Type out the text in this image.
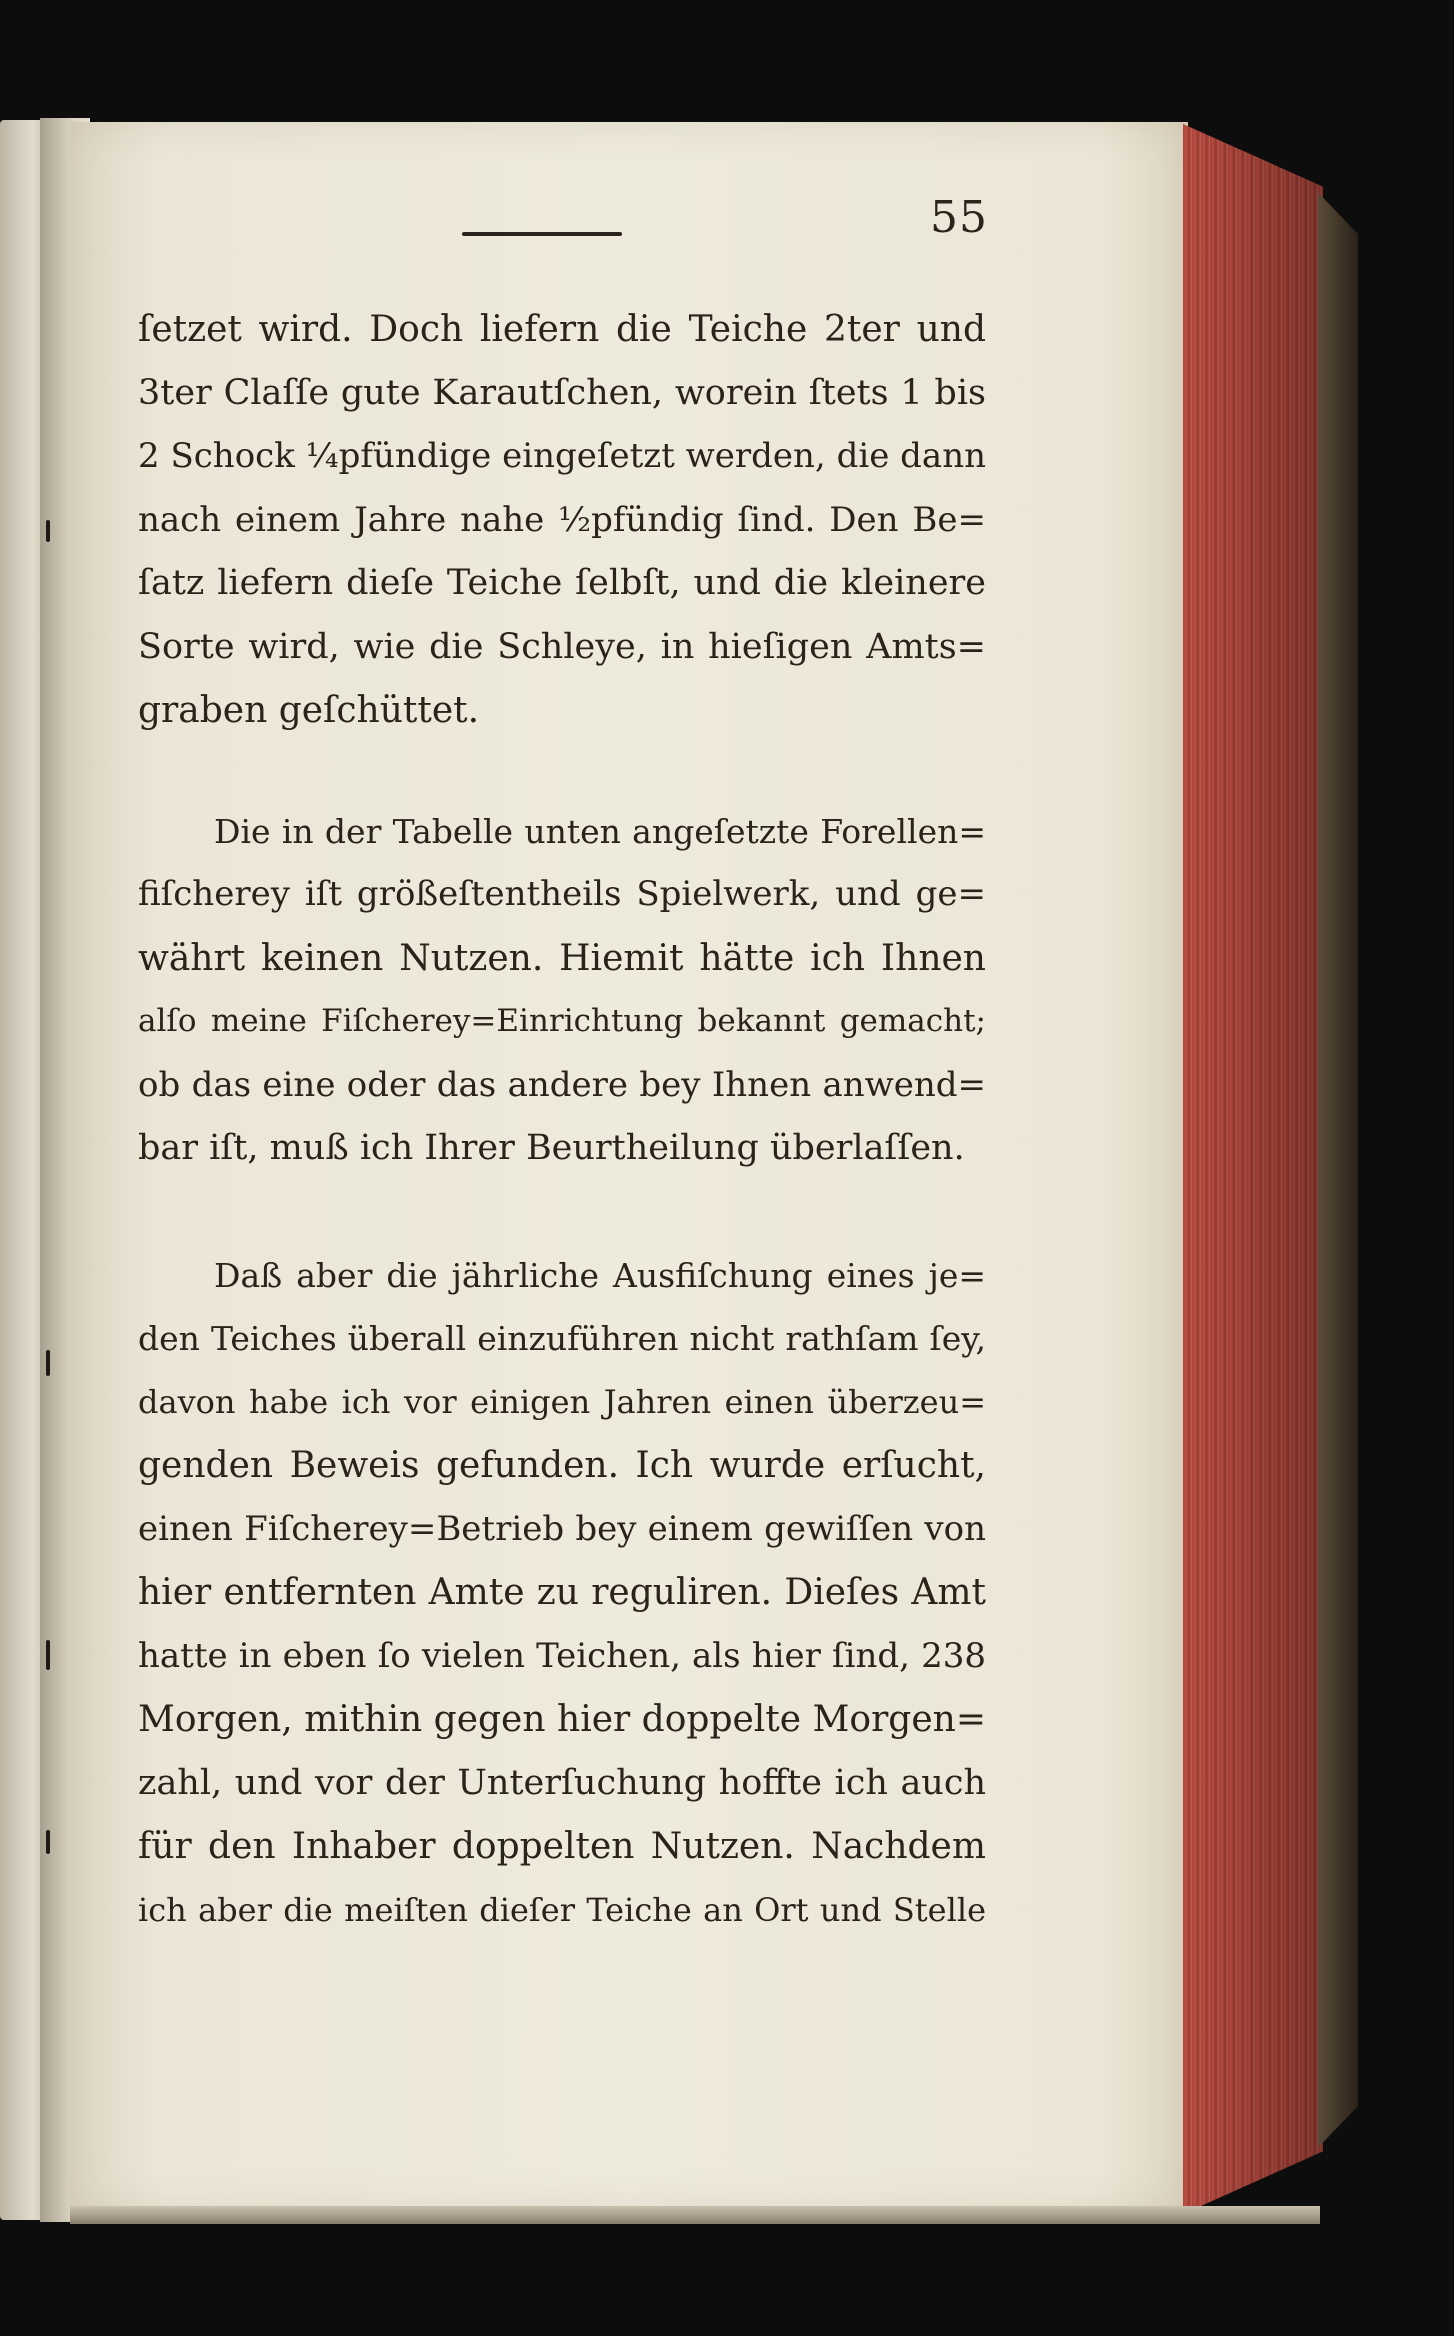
55
ſetzet wird. Doch liefern die Teiche 2ter und
3ter Claſſe gute Karautſchen, worein ſtets 1 bis
2 Schock ¼pfündige eingeſetzt werden, die dann
nach einem Jahre nahe ½pfündig ſind. Den Be=
ſatz liefern dieſe Teiche ſelbſt, und die kleinere
Sorte wird, wie die Schleye, in hieſigen Amts=
graben geſchüttet.
Die in der Tabelle unten angeſetzte Forellen=
fiſcherey iſt größeſtentheils Spielwerk, und ge=
währt keinen Nutzen. Hiemit hätte ich Ihnen
alſo meine Fiſcherey=Einrichtung bekannt gemacht;
ob das eine oder das andere bey Ihnen anwend=
bar iſt, muß ich Ihrer Beurtheilung überlaſſen.
Daß aber die jährliche Ausfiſchung eines je=
den Teiches überall einzuführen nicht rathſam ſey,
davon habe ich vor einigen Jahren einen überzeu=
genden Beweis gefunden. Ich wurde erſucht,
einen Fiſcherey=Betrieb bey einem gewiſſen von
hier entfernten Amte zu reguliren. Dieſes Amt
hatte in eben ſo vielen Teichen, als hier ſind, 238
Morgen, mithin gegen hier doppelte Morgen=
zahl, und vor der Unterſuchung hoffte ich auch
für den Inhaber doppelten Nutzen. Nachdem
ich aber die meiſten dieſer Teiche an Ort und Stelle
